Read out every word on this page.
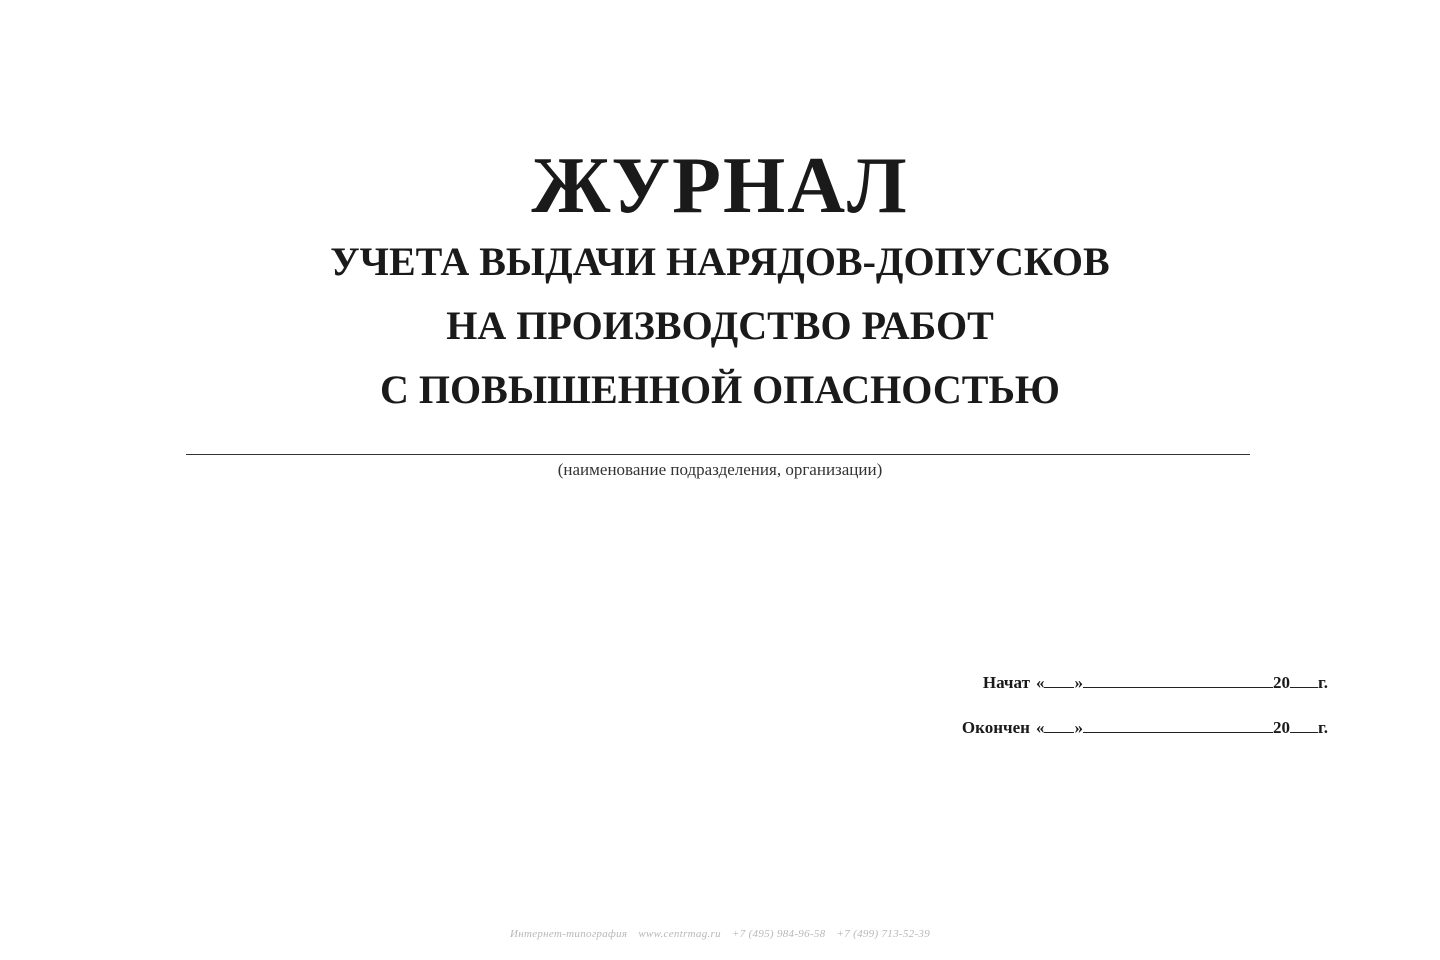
ЖУРНАЛ
УЧЕТА ВЫДАЧИ НАРЯДОВ-ДОПУСКОВ
НА ПРОИЗВОДСТВО РАБОТ
С ПОВЫШЕННОЙ ОПАСНОСТЬЮ
(наименование подразделения, организации)
Начат « »	20 г.
Окончен « »	20 г.
Интернет-типография www.centrmag.ru +7 (495) 984-96-58 +7 (499) 713-52-39
